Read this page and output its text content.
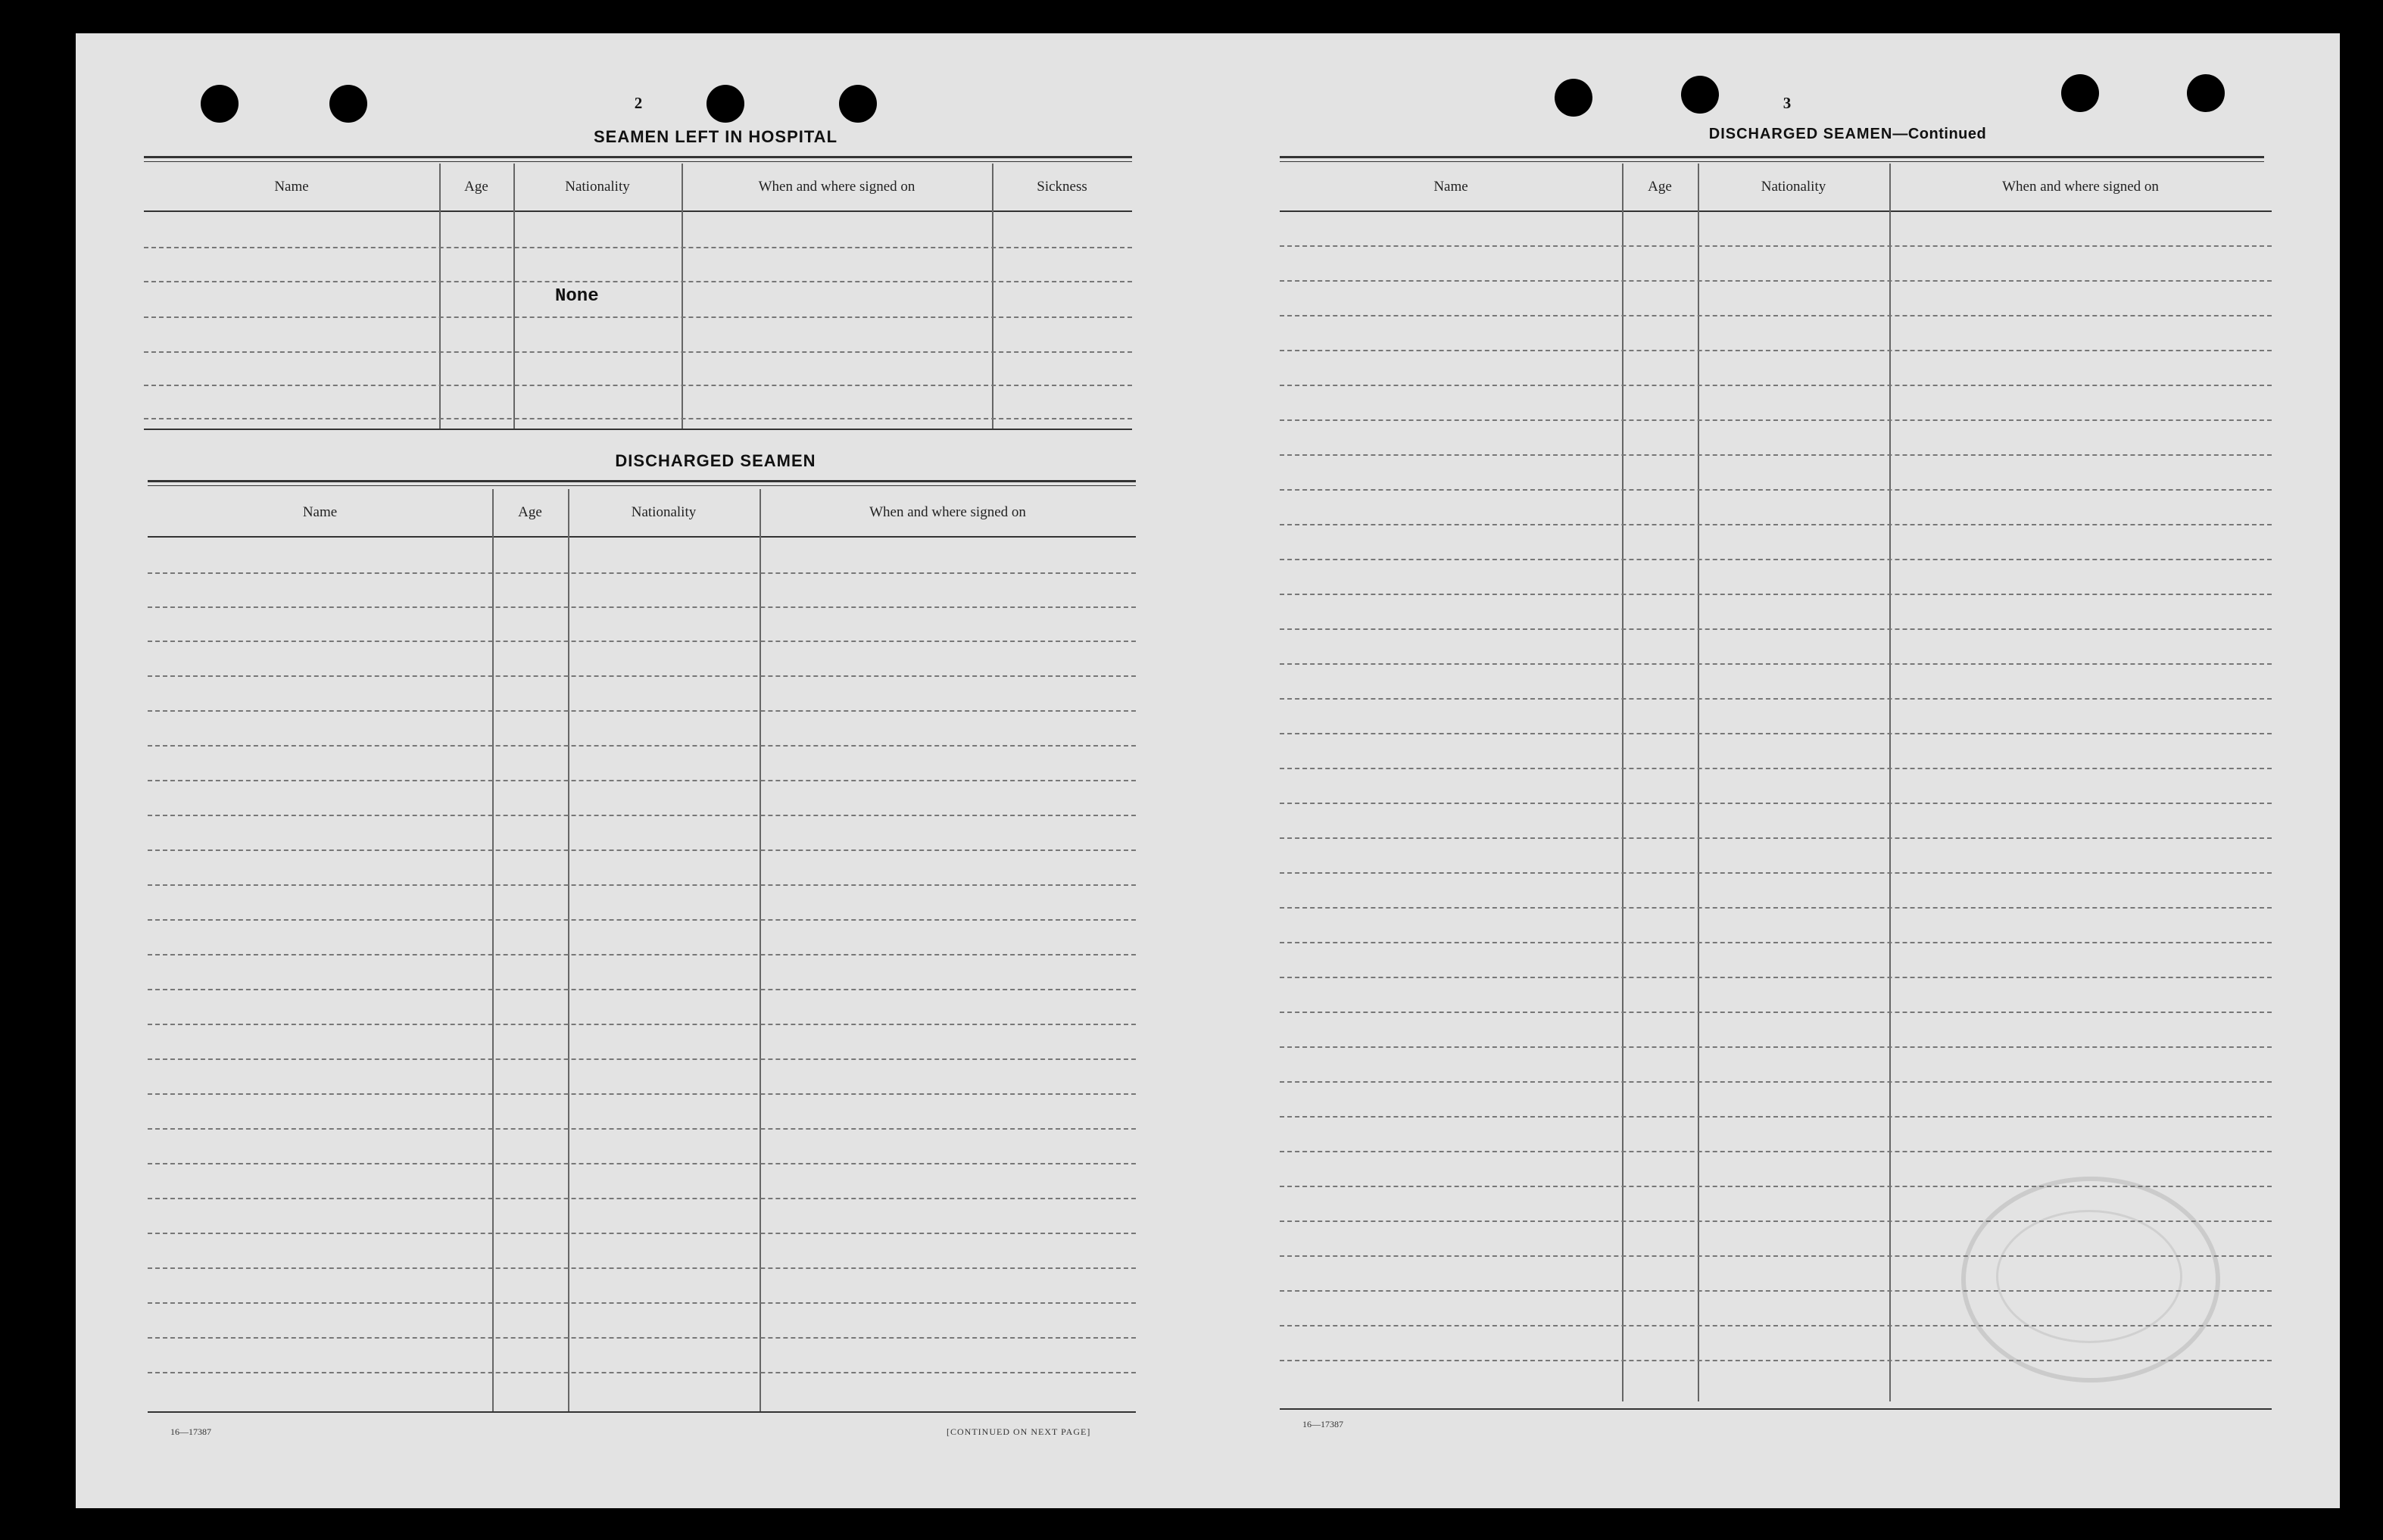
2
SEAMEN LEFT IN HOSPITAL
Name	Age	Nationality	When and where signed on	Sickness
None
DISCHARGED SEAMEN
Name	Age	Nationality	When and where signed on
16—17387	[CONTINUED ON NEXT PAGE]
3
DISCHARGED SEAMEN—Continued
Name	Age	Nationality	When and where signed on
16—17387
